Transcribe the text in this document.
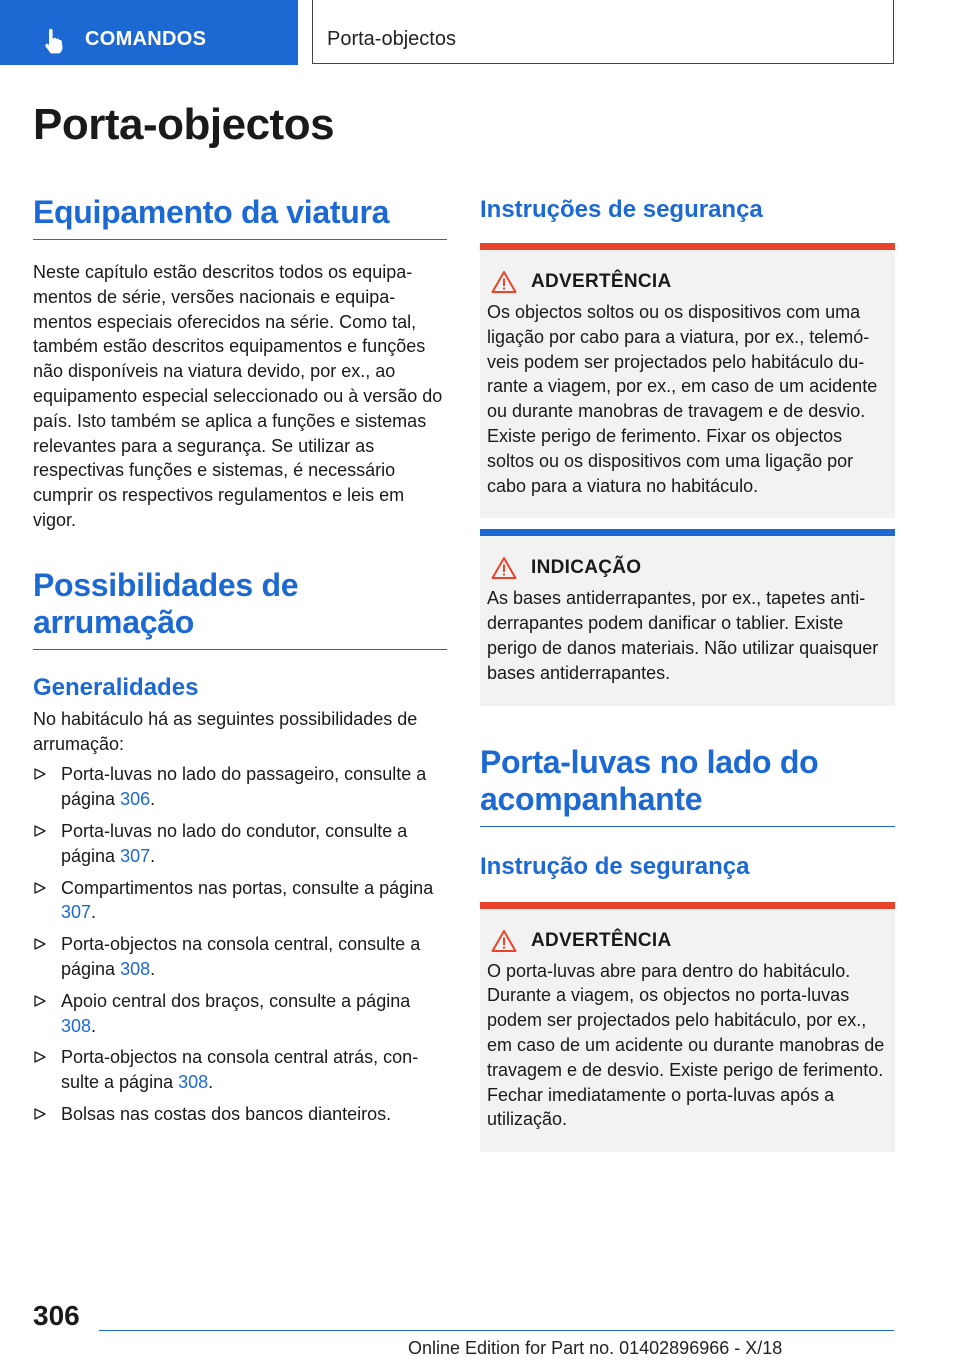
COMANDOS	Porta-objectos
Porta-objectos
Equipamento da viatura

Neste capítulo estão descritos todos os equipamentos de série, versões nacionais e equipamentos especiais oferecidos na série. Como tal, também estão descritos equipamentos e funções não disponíveis na viatura devido, por ex., ao equipamento especial seleccionado ou à versão do país. Isto também se aplica a funções e sistemas relevantes para a segurança. Se utilizar as respectivas funções e sistemas, é necessário cumprir os respectivos regulamentos e leis em vigor.

Possibilidades de arrumação
Generalidades

No habitáculo há as seguintes possibilidades de arrumação:

Porta-luvas no lado do passageiro, consulte a página 306.
Porta-luvas no lado do condutor, consulte a página 307.
Compartimentos nas portas, consulte a página 307.
Porta-objectos na consola central, consulte a página 308.
Apoio central dos braços, consulte a página 308.
Porta-objectos na consola central atrás, consulte a página 308.
Bolsas nas costas dos bancos dianteiros.
Instruções de segurança
ADVERTÊNCIA

Os objectos soltos ou os dispositivos com uma ligação por cabo para a viatura, por ex., telemóveis podem ser projectados pelo habitáculo durante a viagem, por ex., em caso de um acidente ou durante manobras de travagem e de desvio. Existe perigo de ferimento. Fixar os objectos soltos ou os dispositivos com uma ligação por cabo para a viatura no habitáculo.

INDICAÇÃO

As bases antiderrapantes, por ex., tapetes antiderrapantes podem danificar o tablier. Existe perigo de danos materiais. Não utilizar quaisquer bases antiderrapantes.

Porta-luvas no lado do acompanhante
Instrução de segurança
ADVERTÊNCIA

O porta-luvas abre para dentro do habitáculo. Durante a viagem, os objectos no porta-luvas podem ser projectados pelo habitáculo, por ex., em caso de um acidente ou durante manobras de travagem e de desvio. Existe perigo de ferimento. Fechar imediatamente o porta-luvas após a utilização.

306
Online Edition for Part no. 01402896966 - X/18
